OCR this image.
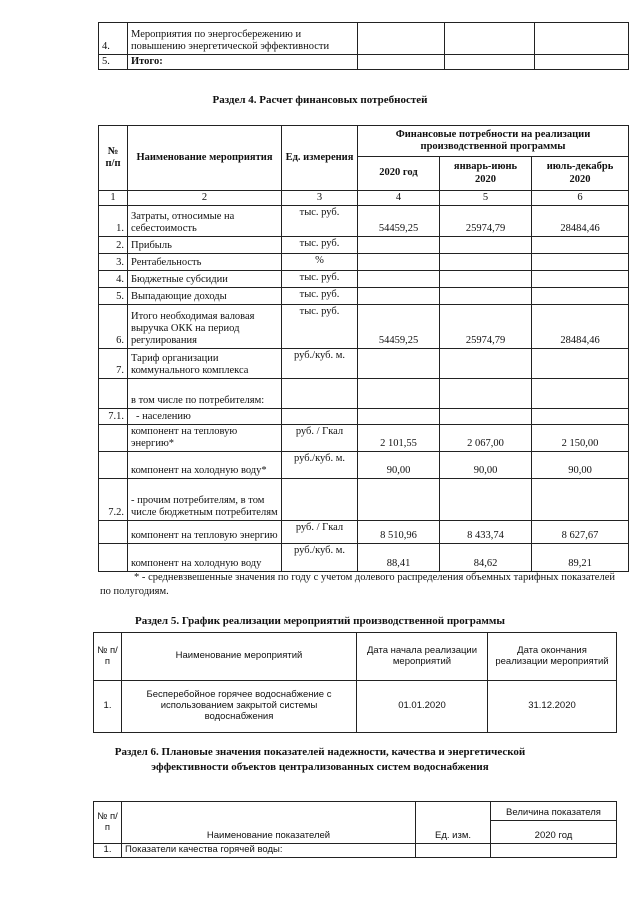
4.	Мероприятия по энергосбережению и повышению энергетической эффективности			
5.	Итого:			
Раздел 4. Расчет финансовых потребностей
№ п/п	Наименование мероприятия	Ед. измерения	Финансовые потребности на реализации производственной программы		
			2020 год	январь-июнь 2020	июль-декабрь 2020
1	2	3	4	5	6
1.	Затраты, относимые на себестоимость	тыс. руб.	54459,25	25974,79	28484,46
2.	Прибыль	тыс. руб.			
3.	Рентабельность	%			
4.	Бюджетные субсидии	тыс. руб.			
5.	Выпадающие доходы	тыс. руб.			
6.	Итого необходимая валовая выручка ОКК на период регулирования	тыс. руб.	54459,25	25974,79	28484,46
7.	Тариф организации коммунального комплекса	руб./куб. м.			
	в том числе по потребителям:				
7.1.	- населению				
	компонент на тепловую энергию*	руб. / Гкал	2 101,55	2 067,00	2 150,00
	компонент на холодную воду*	руб./куб. м.	90,00	90,00	90,00
7.2.	- прочим потребителям, в том числе бюджетным потребителям				
	компонент на тепловую энергию	руб. / Гкал	8 510,96	8 433,74	8 627,67
	компонент на холодную воду	руб./куб. м.	88,41	84,62	89,21
* - средневзвешенные значения по году с учетом долевого распределения объемных тарифных показателей по полугодиям.
Раздел 5. График реализации мероприятий производственной программы
№ п/п	Наименование мероприятий	Дата начала реализации мероприятий	Дата окончания реализации мероприятий
1.	Бесперебойное горячее водоснабжение с использованием закрытой системы водоснабжения	01.01.2020	31.12.2020
Раздел 6. Плановые значения показателей надежности, качества и энергетической
эффективности объектов централизованных систем водоснабжения
№ п/п	Наименование показателей	Ед. изм.	Величина показателя
			2020 год
1.	Показатели качества горячей воды:		
